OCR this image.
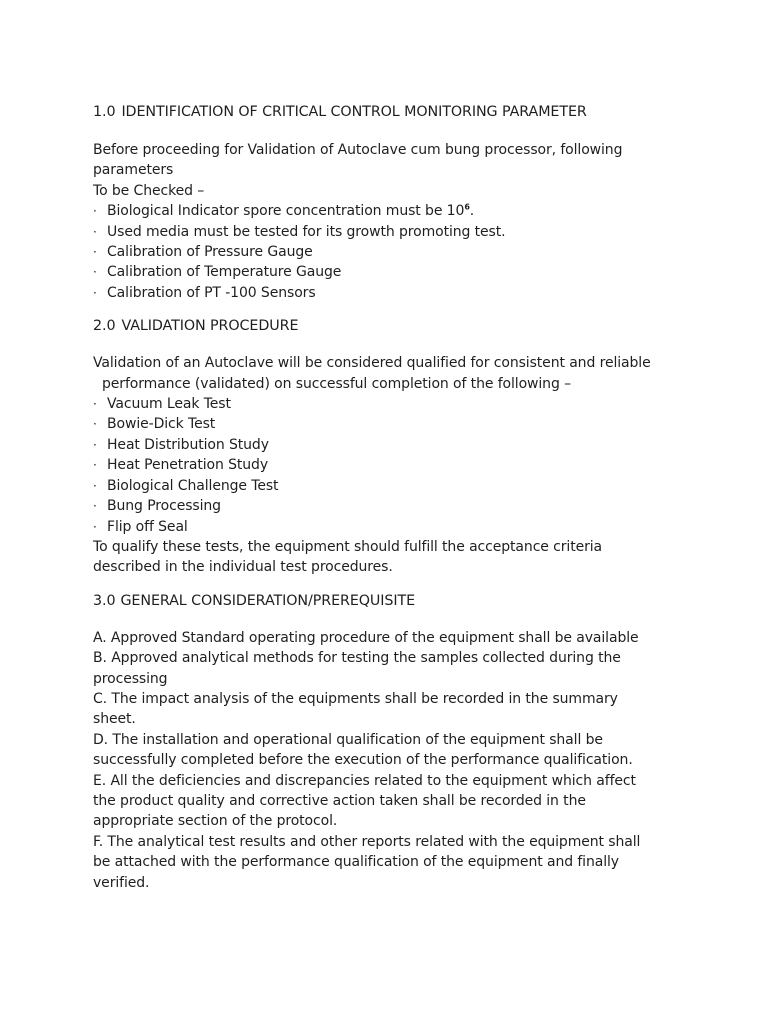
1.0 IDENTIFICATION OF CRITICAL CONTROL MONITORING PARAMETER

Before proceeding for Validation of Autoclave cum bung processor, following
parameters
To be Checked –

· Biological Indicator spore concentration must be $10^6$.
· Used media must be tested for its growth promoting test.
· Calibration of Pressure Gauge
· Calibration of Temperature Gauge
· Calibration of PT -100 Sensors
2.0 VALIDATION PROCEDURE

Validation of an Autoclave will be considered qualified for consistent and reliable

performance (validated) on successful completion of the following –

· Vacuum Leak Test
· Bowie-Dick Test
· Heat Distribution Study
· Heat Penetration Study
· Biological Challenge Test
· Bung Processing
· Flip off Seal

To qualify these tests, the equipment should fulfill the acceptance criteria
described in the individual test procedures.

3.0 GENERAL CONSIDERATION/PREREQUISITE

A. Approved Standard operating procedure of the equipment shall be available
B. Approved analytical methods for testing the samples collected during the
processing
C. The impact analysis of the equipments shall be recorded in the summary
sheet.
D. The installation and operational qualification of the equipment shall be
successfully completed before the execution of the performance qualification.
E. All the deficiencies and discrepancies related to the equipment which affect
the product quality and corrective action taken shall be recorded in the
appropriate section of the protocol.
F. The analytical test results and other reports related with the equipment shall
be attached with the performance qualification of the equipment and finally
verified.
